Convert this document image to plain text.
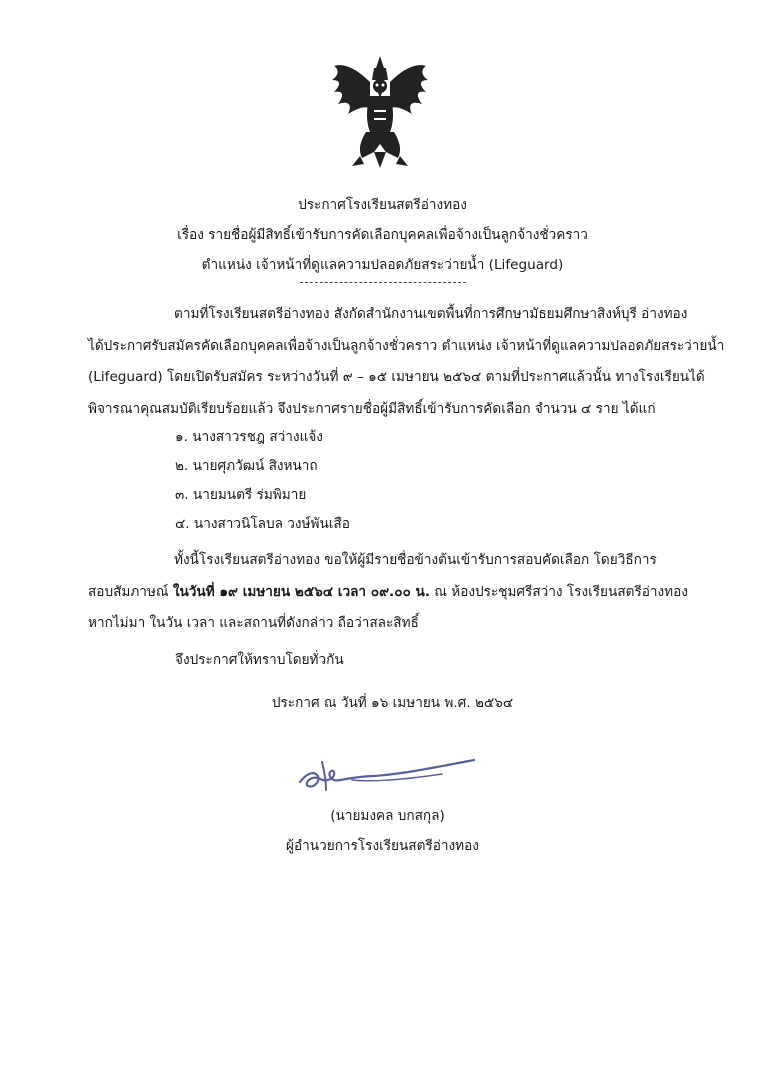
ประกาศโรงเรียนสตรีอ่างทอง
เรื่อง รายชื่อผู้มีสิทธิ์เข้ารับการคัดเลือกบุคคลเพื่อจ้างเป็นลูกจ้างชั่วคราว
ตำแหน่ง เจ้าหน้าที่ดูแลความปลอดภัยสระว่ายน้ำ (Lifeguard)
ตามที่โรงเรียนสตรีอ่างทอง สังกัดสำนักงานเขตพื้นที่การศึกษามัธยมศึกษาสิงห์บุรี อ่างทอง
ได้ประกาศรับสมัครคัดเลือกบุคคลเพื่อจ้างเป็นลูกจ้างชั่วคราว ตำแหน่ง เจ้าหน้าที่ดูแลความปลอดภัยสระว่ายน้ำ
(Lifeguard) โดยเปิดรับสมัคร ระหว่างวันที่ ๙ – ๑๕ เมษายน ๒๕๖๔ ตามที่ประกาศแล้วนั้น ทางโรงเรียนได้
พิจารณาคุณสมบัติเรียบร้อยแล้ว จึงประกาศรายชื่อผู้มีสิทธิ์เข้ารับการคัดเลือก จำนวน ๔ ราย ได้แก่
๑. นางสาวรชฎ สว่างแจ้ง
๒. นายศุภวัฒน์ สิงหนาถ
๓. นายมนตรี ร่มพิมาย
๔. นางสาวนิโลบล วงษ์พันเสือ
ทั้งนี้โรงเรียนสตรีอ่างทอง ขอให้ผู้มีรายชื่อข้างต้นเข้ารับการสอบคัดเลือก โดยวิธีการ
สอบสัมภาษณ์ ในวันที่ ๑๙ เมษายน ๒๕๖๔ เวลา ๐๙.๐๐ น. ณ ห้องประชุมศรีสว่าง โรงเรียนสตรีอ่างทอง
หากไม่มา ในวัน เวลา และสถานที่ดังกล่าว ถือว่าสละสิทธิ์
จึงประกาศให้ทราบโดยทั่วกัน
ประกาศ ณ วันที่ ๑๖ เมษายน พ.ศ. ๒๕๖๔
(นายมงคล บกสกุล)
ผู้อำนวยการโรงเรียนสตรีอ่างทอง
